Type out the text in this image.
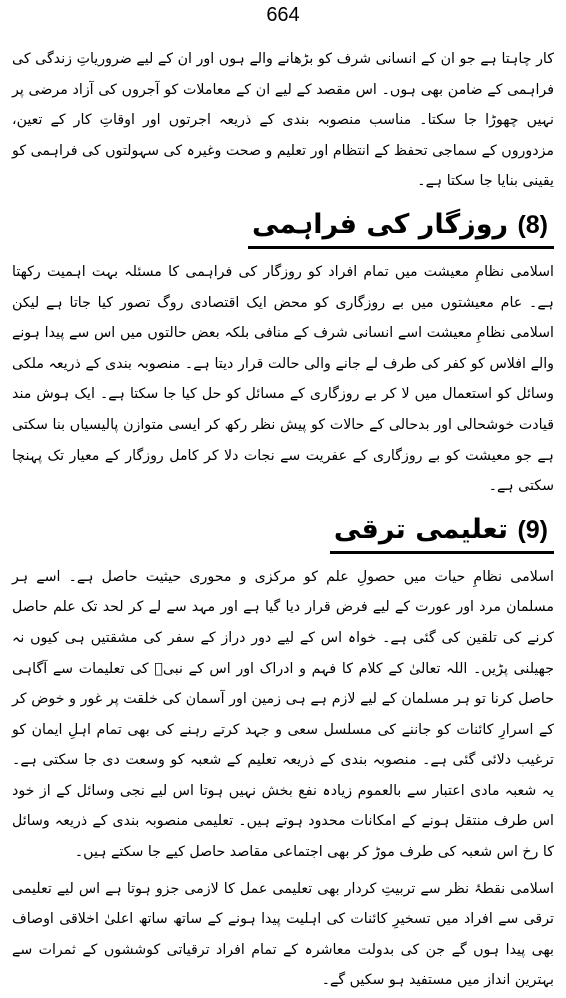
664

کار چاہتا ہے جو ان کے انسانی شرف کو بڑھانے والے ہوں اور ان کے لیے ضروریاتِ زندگی کی فراہمی کے ضامن بھی ہوں۔ اس مقصد کے لیے ان کے معاملات کو آجروں کی آزاد مرضی پر نہیں چھوڑا جا سکتا۔ مناسب منصوبہ بندی کے ذریعہ اجرتوں اور اوقاتِ کار کے تعین، مزدوروں کے سماجی تحفظ کے انتظام اور تعلیم و صحت وغیرہ کی سہولتوں کی فراہمی کو یقینی بنایا جا سکتا ہے۔

(8) روزگار کی فراہمی

اسلامی نظامِ معیشت میں تمام افراد کو روزگار کی فراہمی کا مسئلہ بہت اہمیت رکھتا ہے۔ عام معیشتوں میں بے روزگاری کو محض ایک اقتصادی روگ تصور کیا جاتا ہے لیکن اسلامی نظامِ معیشت اسے انسانی شرف کے منافی بلکہ بعض حالتوں میں اس سے پیدا ہونے والے افلاس کو کفر کی طرف لے جانے والی حالت قرار دیتا ہے۔ منصوبہ بندی کے ذریعہ ملکی وسائل کو استعمال میں لا کر بے روزگاری کے مسائل کو حل کیا جا سکتا ہے۔ ایک ہوش مند قیادت خوشحالی اور بدحالی کے حالات کو پیش نظر رکھ کر ایسی متوازن پالیسیاں بنا سکتی ہے جو معیشت کو بے روزگاری کے عفریت سے نجات دلا کر کامل روزگار کے معیار تک پہنچا سکتی ہے۔

(9) تعلیمی ترقی

اسلامی نظامِ حیات میں حصولِ علم کو مرکزی و محوری حیثیت حاصل ہے۔ اسے ہر مسلمان مرد اور عورت کے لیے فرض قرار دیا گیا ہے اور مہد سے لے کر لحد تک علم حاصل کرنے کی تلقین کی گئی ہے۔ خواہ اس کے لیے دور دراز کے سفر کی مشقتیں ہی کیوں نہ جھیلنی پڑیں۔ اللہ تعالیٰ کے کلام کا فہم و ادراک اور اس کے نبیؐ کی تعلیمات سے آگاہی حاصل کرنا تو ہر مسلمان کے لیے لازم ہے ہی زمین اور آسمان کی خلقت پر غور و خوض کر کے اسرارِ کائنات کو جاننے کی مسلسل سعی و جہد کرتے رہنے کی بھی تمام اہلِ ایمان کو ترغیب دلائی گئی ہے۔ منصوبہ بندی کے ذریعہ تعلیم کے شعبہ کو وسعت دی جا سکتی ہے۔ یہ شعبہ مادی اعتبار سے بالعموم زیادہ نفع بخش نہیں ہوتا اس لیے نجی وسائل کے از خود اس طرف منتقل ہونے کے امکانات محدود ہوتے ہیں۔ تعلیمی منصوبہ بندی کے ذریعہ وسائل کا رخ اس شعبہ کی طرف موڑ کر بھی اجتماعی مقاصد حاصل کیے جا سکتے ہیں۔

اسلامی نقطۂ نظر سے تربیتِ کردار بھی تعلیمی عمل کا لازمی جزو ہوتا ہے اس لیے تعلیمی ترقی سے افراد میں تسخیرِ کائنات کی اہلیت پیدا ہونے کے ساتھ ساتھ اعلیٰ اخلاقی اوصاف بھی پیدا ہوں گے جن کی بدولت معاشرہ کے تمام افراد ترقیاتی کوششوں کے ثمرات سے بہترین انداز میں مستفید ہو سکیں گے۔
